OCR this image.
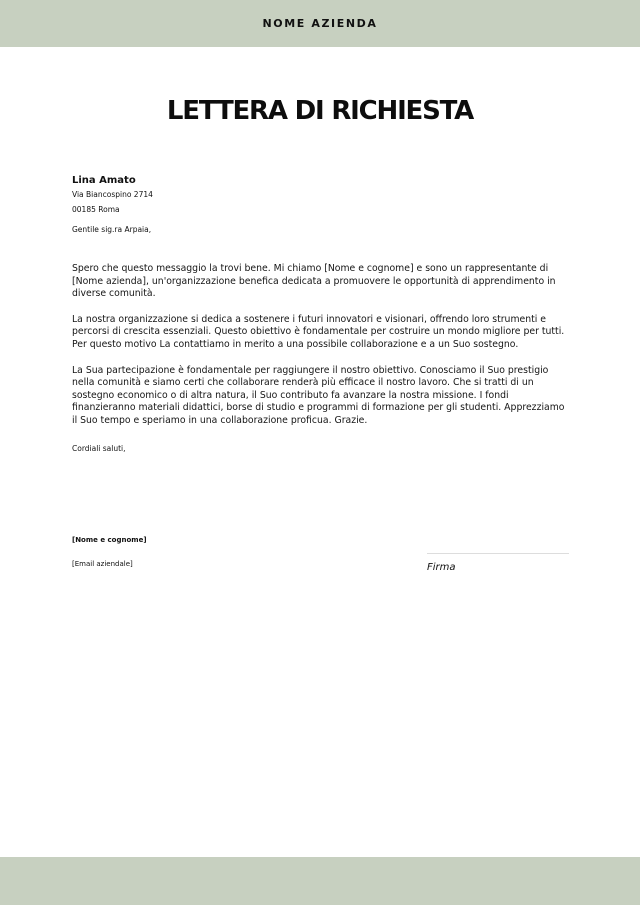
NOME AZIENDA
LETTERA DI RICHIESTA
Lina Amato
Via Biancospino 2714
00185 Roma
Gentile sig.ra Arpaia,

Spero che questo messaggio la trovi bene. Mi chiamo [Nome e cognome] e sono un rappresentante di [Nome azienda], un'organizzazione benefica dedicata a promuovere le opportunità di apprendimento in diverse comunità.

La nostra organizzazione si dedica a sostenere i futuri innovatori e visionari, offrendo loro strumenti e percorsi di crescita essenziali. Questo obiettivo è fondamentale per costruire un mondo migliore per tutti. Per questo motivo La contattiamo in merito a una possibile collaborazione e a un Suo sostegno.

La Sua partecipazione è fondamentale per raggiungere il nostro obiettivo. Conosciamo il Suo prestigio nella comunità e siamo certi che collaborare renderà più efficace il nostro lavoro. Che si tratti di un sostegno economico o di altra natura, il Suo contributo fa avanzare la nostra missione. I fondi finanzieranno materiali didattici, borse di studio e programmi di formazione per gli studenti. Apprezziamo il Suo tempo e speriamo in una collaborazione proficua. Grazie.

Cordiali saluti,
[Nome e cognome]
[Email aziendale]	Firma
